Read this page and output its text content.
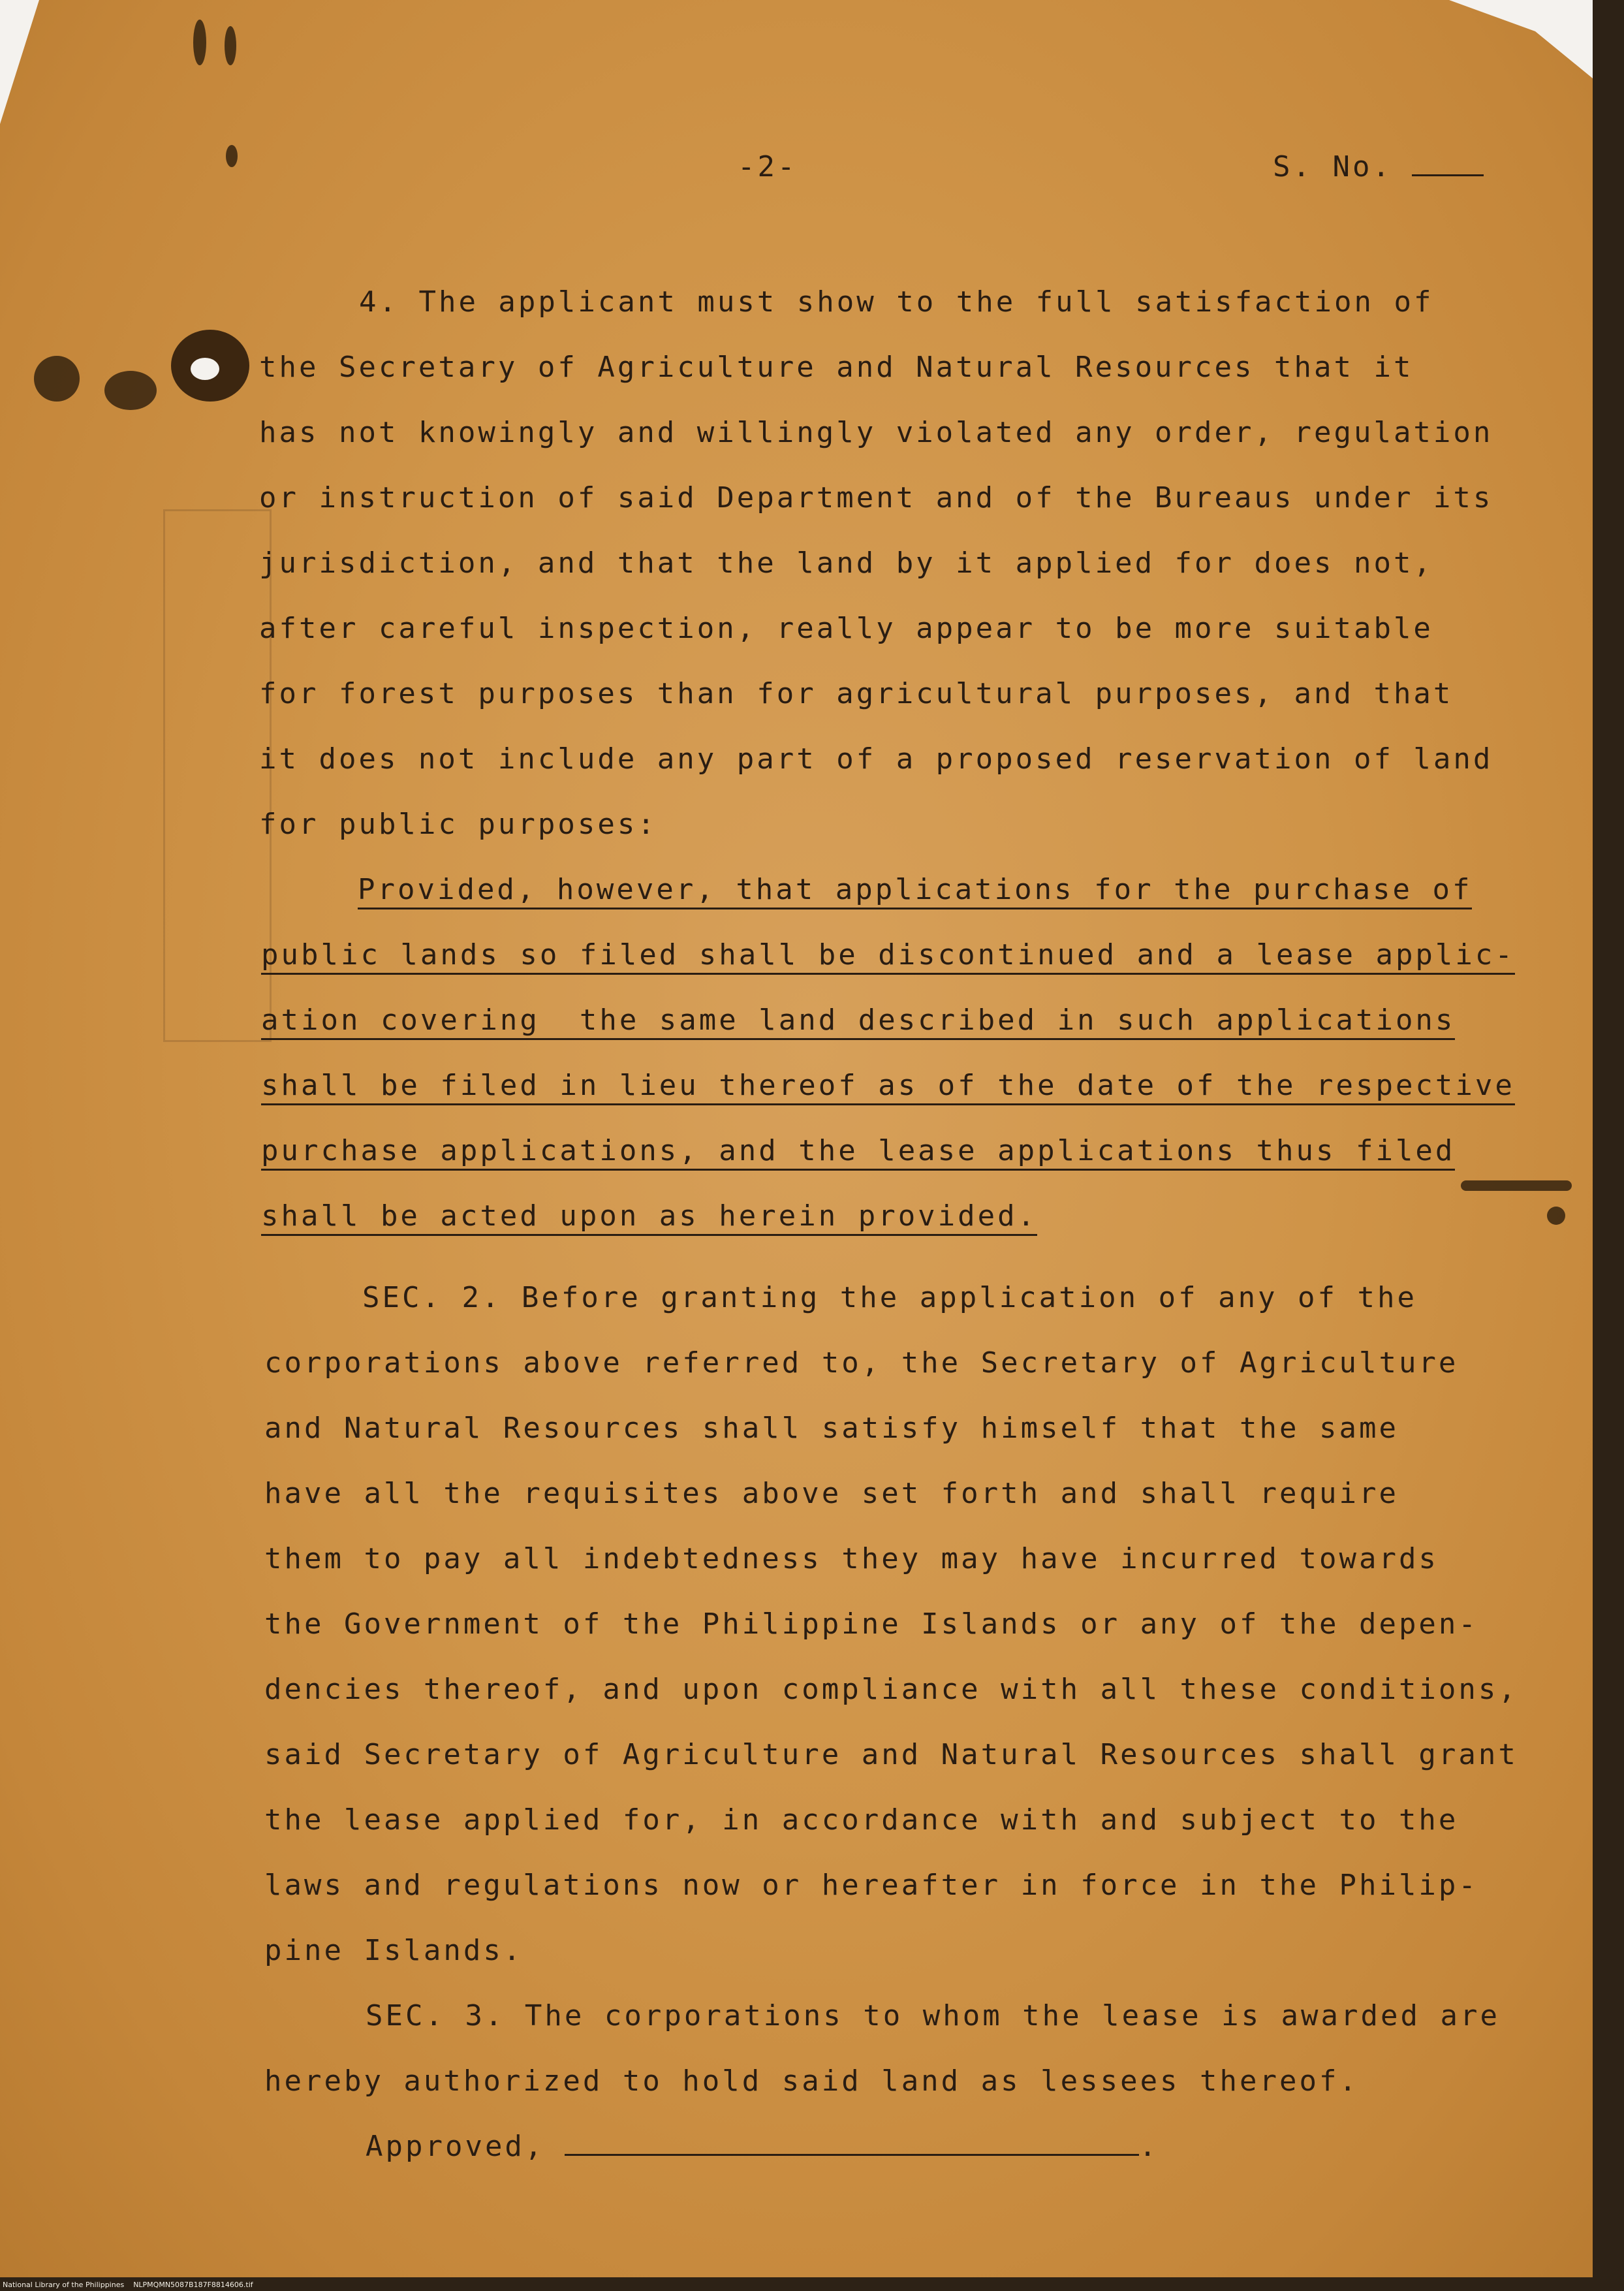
-2-	S. No.
4. The applicant must show to the full satisfaction of
the Secretary of Agriculture and Natural Resources that it
has not knowingly and willingly violated any order, regulation
or instruction of said Department and of the Bureaus under its
jurisdiction, and that the land by it applied for does not,
after careful inspection, really appear to be more suitable
for forest purposes than for agricultural purposes, and that
it does not include any part of a proposed reservation of land
for public purposes:
Provided, however, that applications for the purchase of
public lands so filed shall be discontinued and a lease applic-
ation covering  the same land described in such applications
shall be filed in lieu thereof as of the date of the respective
purchase applications, and the lease applications thus filed
shall be acted upon as herein provided.
SEC. 2. Before granting the application of any of the
corporations above referred to, the Secretary of Agriculture
and Natural Resources shall satisfy himself that the same
have all the requisites above set forth and shall require
them to pay all indebtedness they may have incurred towards
the Government of the Philippine Islands or any of the depen-
dencies thereof, and upon compliance with all these conditions,
said Secretary of Agriculture and Natural Resources shall grant
the lease applied for, in accordance with and subject to the
laws and regulations now or hereafter in force in the Philip-
pine Islands.
SEC. 3. The corporations to whom the lease is awarded are
hereby authorized to hold said land as lessees thereof.
Approved,	.
National Library of the Philippines    NLPMQMN5087B187F8814606.tif
